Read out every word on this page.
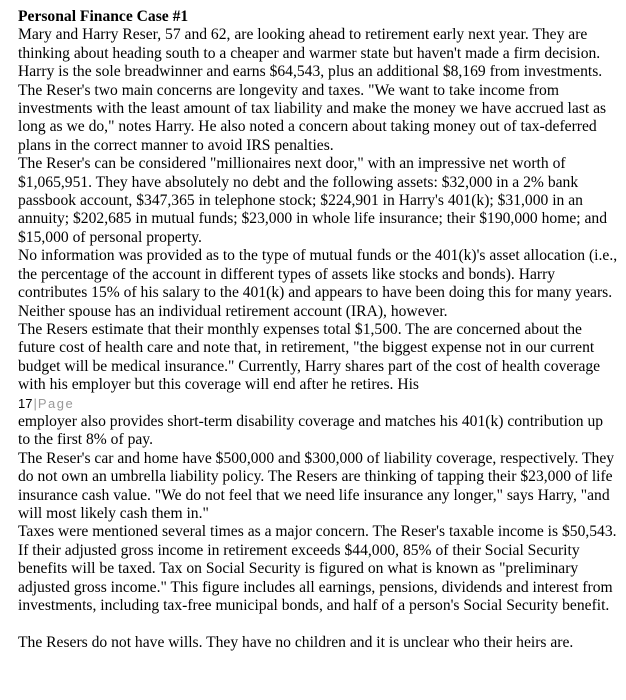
Personal Finance Case #1

Mary and Harry Reser, 57 and 62, are looking ahead to retirement early next year. They are thinking about heading south to a cheaper and warmer state but haven't made a firm decision. Harry is the sole breadwinner and earns $64,543, plus an additional $8,169 from investments.

The Reser's two main concerns are longevity and taxes. "We want to take income from investments with the least amount of tax liability and make the money we have accrued last as long as we do," notes Harry. He also noted a concern about taking money out of tax-deferred plans in the correct manner to avoid IRS penalties.

The Reser's can be considered "millionaires next door," with an impressive net worth of $1,065,951. They have absolutely no debt and the following assets: $32,000 in a 2% bank passbook account, $347,365 in telephone stock; $224,901 in Harry's 401(k); $31,000 in an annuity; $202,685 in mutual funds; $23,000 in whole life insurance; their $190,000 home; and $15,000 of personal property.

No information was provided as to the type of mutual funds or the 401(k)'s asset allocation (i.e., the percentage of the account in different types of assets like stocks and bonds). Harry contributes 15% of his salary to the 401(k) and appears to have been doing this for many years. Neither spouse has an individual retirement account (IRA), however.

The Resers estimate that their monthly expenses total $1,500. The are concerned about the future cost of health care and note that, in retirement, "the biggest expense not in our current budget will be medical insurance." Currently, Harry shares part of the cost of health coverage with his employer but this coverage will end after he retires. His

17|Page

employer also provides short-term disability coverage and matches his 401(k) contribution up to the first 8% of pay.

The Reser's car and home have $500,000 and $300,000 of liability coverage, respectively. They do not own an umbrella liability policy. The Resers are thinking of tapping their $23,000 of life insurance cash value. "We do not feel that we need life insurance any longer," says Harry, "and will most likely cash them in."

Taxes were mentioned several times as a major concern. The Reser's taxable income is $50,543. If their adjusted gross income in retirement exceeds $44,000, 85% of their Social Security benefits will be taxed. Tax on Social Security is figured on what is known as "preliminary adjusted gross income." This figure includes all earnings, pensions, dividends and interest from investments, including tax-free municipal bonds, and half of a person's Social Security benefit.

The Resers do not have wills. They have no children and it is unclear who their heirs are.
